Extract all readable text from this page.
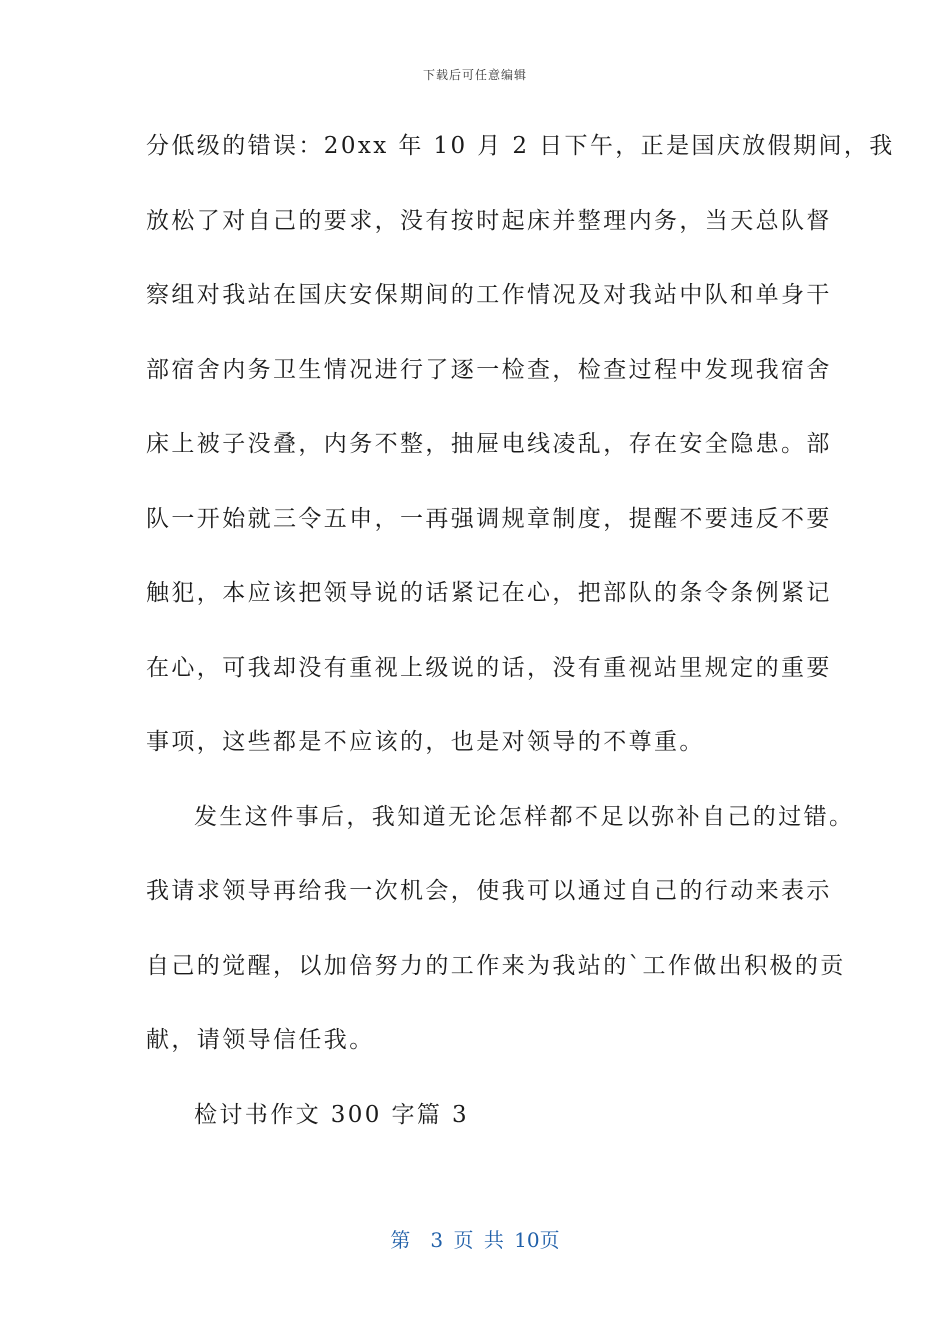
下载后可任意编辑
分低级的错误：20xx 年 10 月 2 日下午，正是国庆放假期间，我
放松了对自己的要求，没有按时起床并整理内务，当天总队督
察组对我站在国庆安保期间的工作情况及对我站中队和单身干
部宿舍内务卫生情况进行了逐一检查，检查过程中发现我宿舍
床上被子没叠，内务不整，抽屉电线凌乱，存在安全隐患。部
队一开始就三令五申，一再强调规章制度，提醒不要违反不要
触犯，本应该把领导说的话紧记在心，把部队的条令条例紧记
在心，可我却没有重视上级说的话，没有重视站里规定的重要
事项，这些都是不应该的，也是对领导的不尊重。
发生这件事后，我知道无论怎样都不足以弥补自己的过错。
我请求领导再给我一次机会，使我可以通过自己的行动来表示
自己的觉醒，以加倍努力的工作来为我站的`工作做出积极的贡
献，请领导信任我。
检讨书作文 300 字篇 3
第　3 页 共 10页
